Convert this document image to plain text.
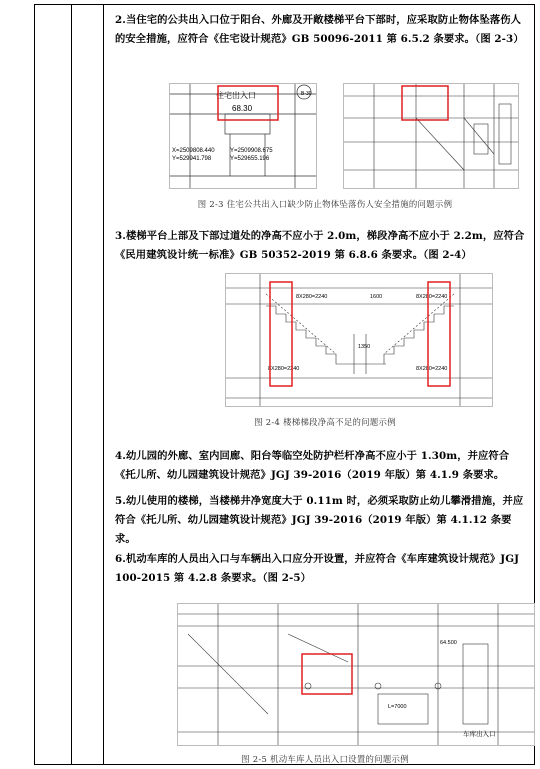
2.当住宅的公共出入口位于阳台、外廊及开敞楼梯平台下部时，应采取防止物体坠落伤人的安全措施，应符合《住宅设计规范》GB 50096-2011 第 6.5.2 条要求。（图 2-3）
B-30
住宅出入口
68.30
X=2509808.440	Y=2509908.675
Y=529941.798	Y=529655.196
图 2-3 住宅公共出入口缺少防止物体坠落伤人安全措施的问题示例
3.楼梯平台上部及下部过道处的净高不应小于 2.0m，梯段净高不应小于 2.2m，应符合《民用建筑设计统一标准》GB 50352-2019 第 6.8.6 条要求。（图 2-4）
8X280=2240	1600	8X280=2240
8X280=2240	8X280=2240
1350
图 2-4 楼梯梯段净高不足的问题示例
4.幼儿园的外廊、室内回廊、阳台等临空处防护栏杆净高不应小于 1.30m，并应符合《托儿所、幼儿园建筑设计规范》JGJ 39-2016（2019 年版）第 4.1.9 条要求。
5.幼儿使用的楼梯，当楼梯井净宽度大于 0.11m 时，必须采取防止幼儿攀滑措施，并应符合《托儿所、幼儿园建筑设计规范》JGJ 39-2016（2019 年版）第 4.1.12 条要求。
6.机动车库的人员出入口与车辆出入口应分开设置，并应符合《车库建筑设计规范》JGJ 100-2015 第 4.2.8 条要求。（图 2-5）
64.500
L=7000
车库出入口
图 2-5 机动车库人员出入口设置的问题示例
